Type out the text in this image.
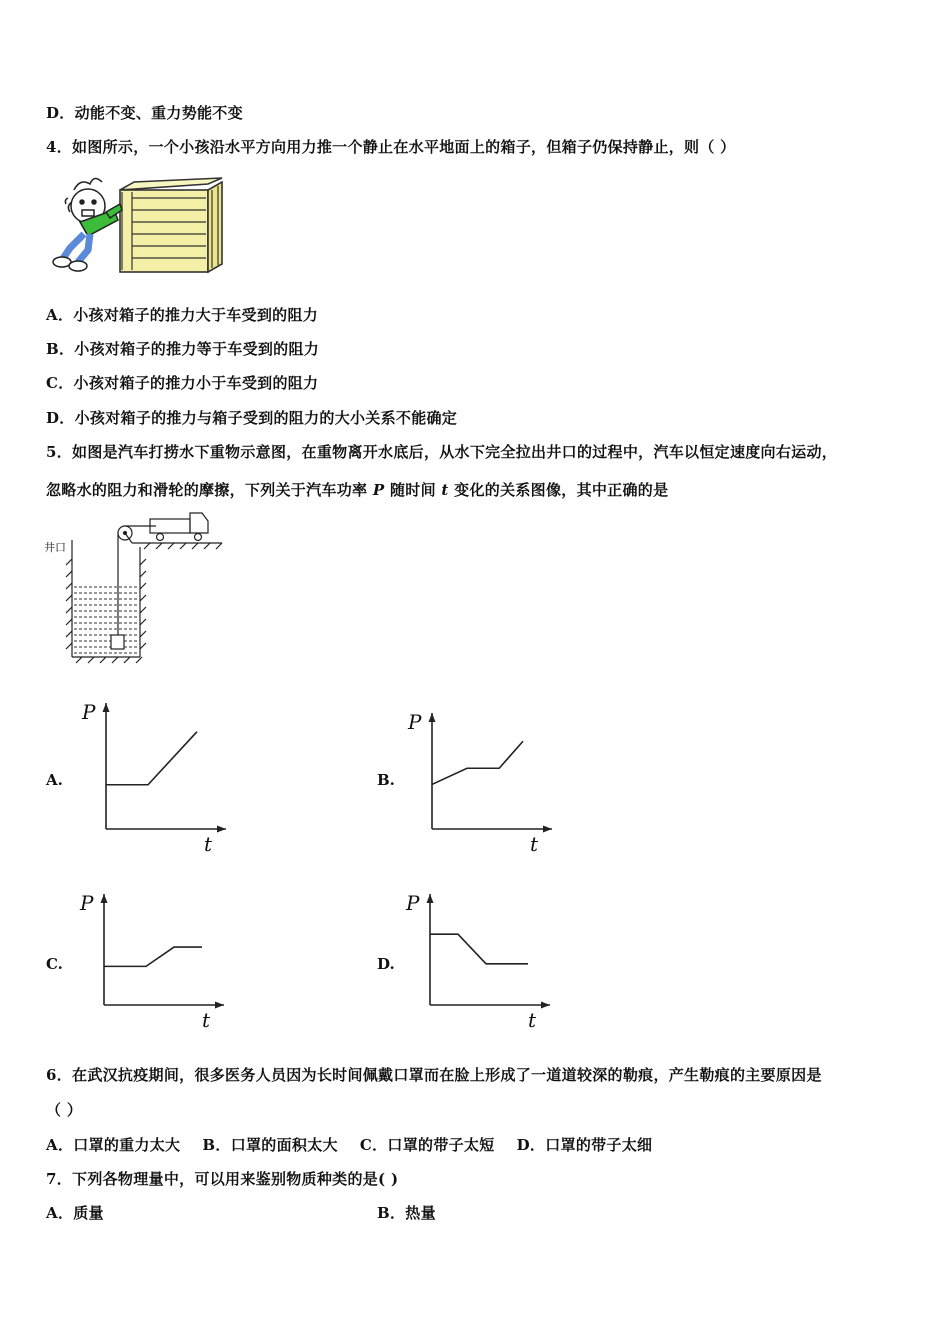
D．动能不变、重力势能不变
4．如图所示，一个小孩沿水平方向用力推一个静止在水平地面上的箱子，但箱子仍保持静止，则（ ）
A．小孩对箱子的推力大于车受到的阻力
B．小孩对箱子的推力等于车受到的阻力
C．小孩对箱子的推力小于车受到的阻力
D．小孩对箱子的推力与箱子受到的阻力的大小关系不能确定
5．如图是汽车打捞水下重物示意图，在重物离开水底后，从水下完全拉出井口的过程中，汽车以恒定速度向右运动，
忽略水的阻力和滑轮的摩擦，下列关于汽车功率 P 随时间 t 变化的关系图像，其中正确的是
井口
A.	B.
C.	D.
P
t
P
t
P
t
P
t
6．在武汉抗疫期间，很多医务人员因为长时间佩戴口罩而在脸上形成了一道道较深的勒痕，产生勒痕的主要原因是
（ ）
A．口罩的重力太大    B．口罩的面积太大    C．口罩的带子太短    D．口罩的带子太细
7．下列各物理量中，可以用来鉴别物质种类的是( )
A．质量	B．热量
